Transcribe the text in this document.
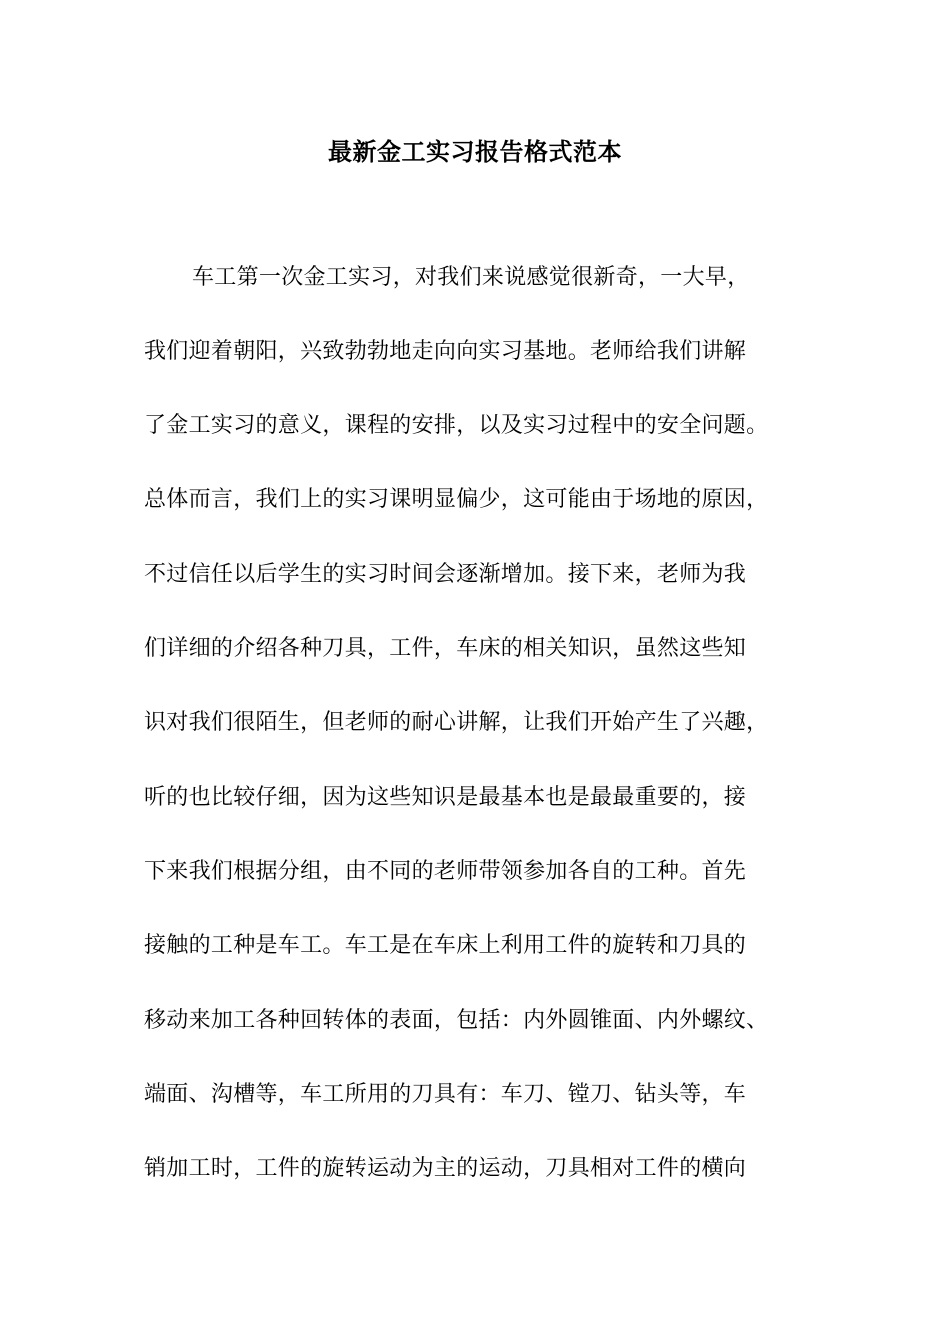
最新金工实习报告格式范本
车工第一次金工实习，对我们来说感觉很新奇，一大早，
我们迎着朝阳，兴致勃勃地走向向实习基地。老师给我们讲解
了金工实习的意义，课程的安排，以及实习过程中的安全问题。
总体而言，我们上的实习课明显偏少，这可能由于场地的原因，
不过信任以后学生的实习时间会逐渐增加。接下来，老师为我
们详细的介绍各种刀具，工件，车床的相关知识，虽然这些知
识对我们很陌生，但老师的耐心讲解，让我们开始产生了兴趣，
听的也比较仔细，因为这些知识是最基本也是最最重要的，接
下来我们根据分组，由不同的老师带领参加各自的工种。首先
接触的工种是车工。车工是在车床上利用工件的旋转和刀具的
移动来加工各种回转体的表面，包括：内外圆锥面、内外螺纹、
端面、沟槽等，车工所用的刀具有：车刀、镗刀、钻头等，车
销加工时，工件的旋转运动为主的运动，刀具相对工件的横向
